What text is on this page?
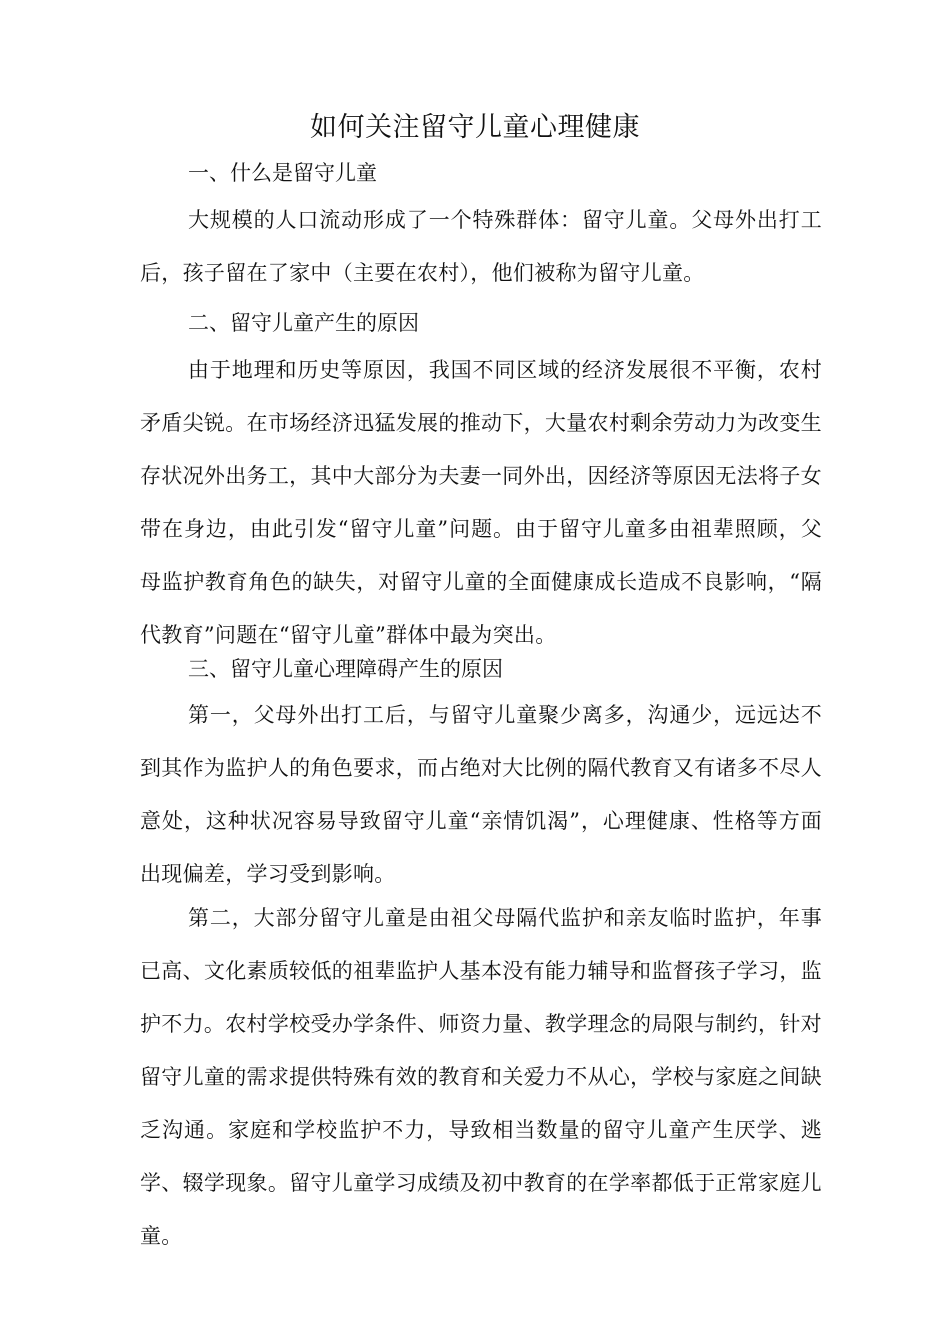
如何关注留守儿童心理健康
一、什么是留守儿童
大规模的人口流动形成了一个特殊群体：留守儿童。父母外出打工后，孩子留在了家中（主要在农村），他们被称为留守儿童。
二、留守儿童产生的原因
由于地理和历史等原因，我国不同区域的经济发展很不平衡，农村矛盾尖锐。在市场经济迅猛发展的推动下，大量农村剩余劳动力为改变生存状况外出务工，其中大部分为夫妻一同外出，因经济等原因无法将子女带在身边，由此引发“留守儿童”问题。由于留守儿童多由祖辈照顾，父母监护教育角色的缺失，对留守儿童的全面健康成长造成不良影响，“隔代教育”问题在“留守儿童”群体中最为突出。
三、留守儿童心理障碍产生的原因
第一，父母外出打工后，与留守儿童聚少离多，沟通少，远远达不到其作为监护人的角色要求，而占绝对大比例的隔代教育又有诸多不尽人意处，这种状况容易导致留守儿童“亲情饥渴”，心理健康、性格等方面出现偏差，学习受到影响。
第二，大部分留守儿童是由祖父母隔代监护和亲友临时监护，年事已高、文化素质较低的祖辈监护人基本没有能力辅导和监督孩子学习，监护不力。农村学校受办学条件、师资力量、教学理念的局限与制约，针对留守儿童的需求提供特殊有效的教育和关爱力不从心，学校与家庭之间缺乏沟通。家庭和学校监护不力，导致相当数量的留守儿童产生厌学、逃学、辍学现象。留守儿童学习成绩及初中教育的在学率都低于正常家庭儿童。
